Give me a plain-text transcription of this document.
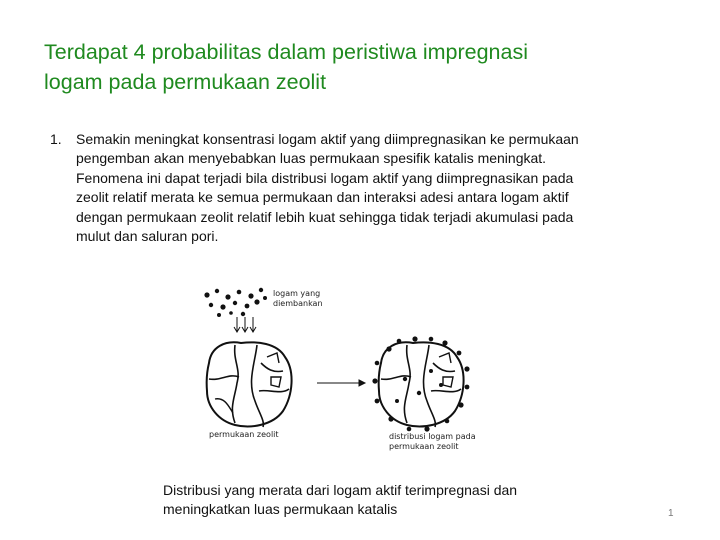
Terdapat 4 probabilitas dalam peristiwa impregnasi
logam pada permukaan zeolit
1. Semakin meningkat konsentrasi logam aktif yang diimpregnasikan ke permukaan
pengemban akan menyebabkan luas permukaan spesifik katalis meningkat.
Fenomena ini dapat terjadi bila distribusi logam aktif yang diimpregnasikan pada
zeolit relatif merata ke semua permukaan dan interaksi adesi antara logam aktif
dengan permukaan zeolit relatif lebih kuat sehingga tidak terjadi akumulasi pada
mulut dan saluran pori.
logam yang
diembankan
permukaan zeolit	distribusi logam pada
permukaan zeolit

Distribusi yang merata dari logam aktif terimpregnasi dan
meningkatkan luas permukaan katalis	1
